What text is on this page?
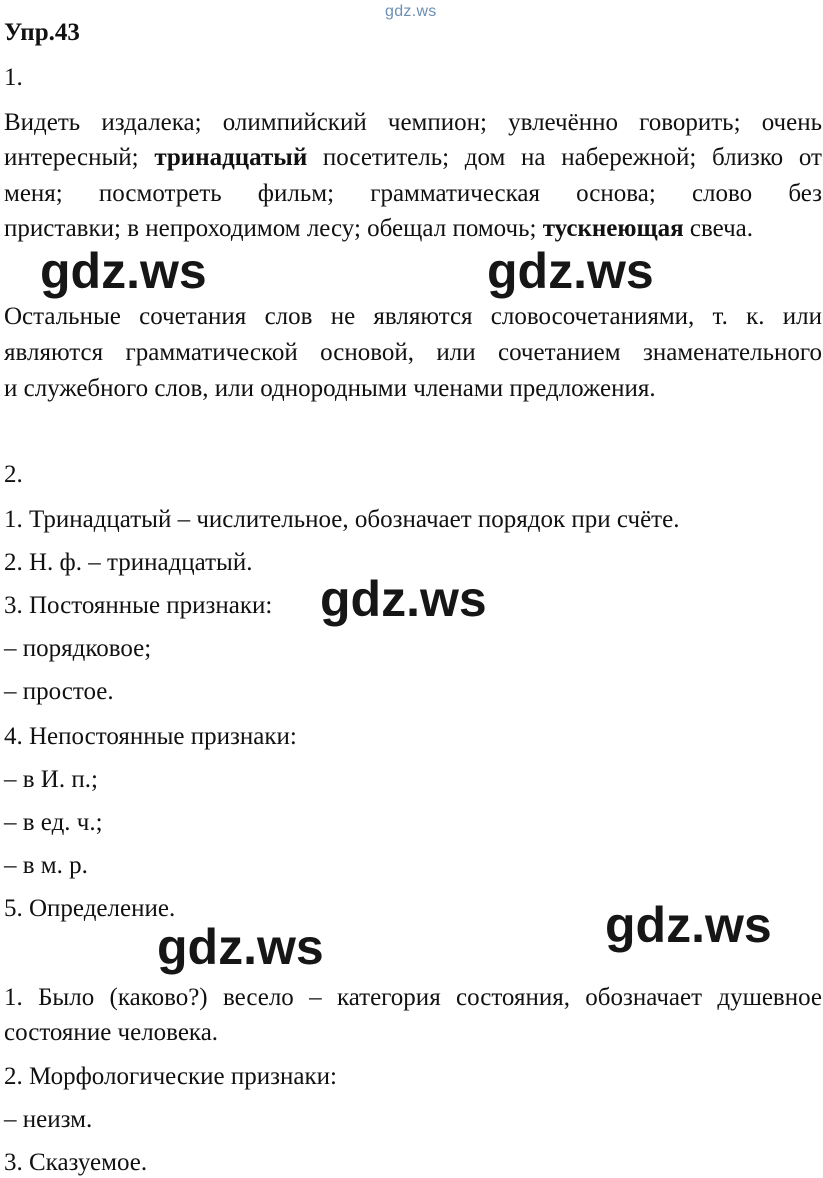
gdz.ws
Упр.43
1.
Видеть издалека; олимпийский чемпион; увлечённо говорить; очень
интересный; тринадцатый посетитель; дом на набережной; близко от
меня; посмотреть фильм; грамматическая основа; слово без
приставки; в непроходимом лесу; обещал помочь; тускнеющая свеча.
gdz.ws	gdz.ws
Остальные сочетания слов не являются словосочетаниями, т. к. или
являются грамматической основой, или сочетанием знаменательного
и служебного слов, или однородными членами предложения.
2.
1. Тринадцатый – числительное, обозначает порядок при счёте.
2. Н. ф. – тринадцатый.
3. Постоянные признаки:
– порядковое;
– простое.
4. Непостоянные признаки:
– в И. п.;
– в ед. ч.;
– в м. р.
5. Определение.
gdz.ws
gdz.ws
gdz.ws
1. Было (каково?) весело – категория состояния, обозначает душевное
состояние человека.
2. Морфологические признаки:
– неизм.
3. Сказуемое.
